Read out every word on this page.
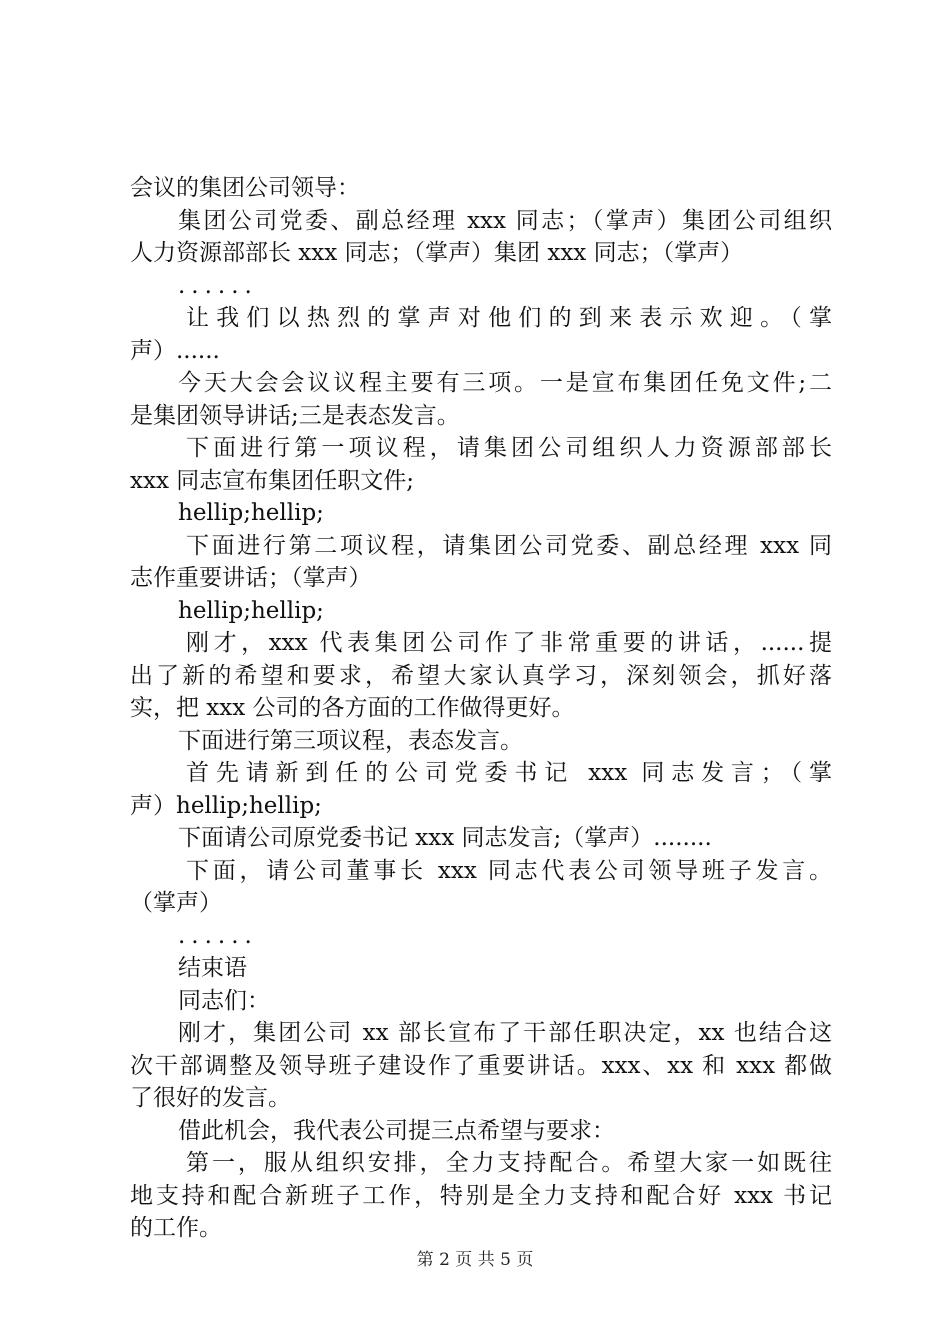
会议的集团公司领导：
集团公司党委、副总经理 xxx 同志；（掌声）集团公司组织
人力资源部部长 xxx 同志；（掌声）集团 xxx 同志；（掌声）
......
让我们以热烈的掌声对他们的到来表示欢迎。（掌
声）......
今天大会会议议程主要有三项。一是宣布集团任免文件;二
是集团领导讲话;三是表态发言。
下面进行第一项议程，请集团公司组织人力资源部部长
xxx 同志宣布集团任职文件;
hellip;hellip;
下面进行第二项议程，请集团公司党委、副总经理 xxx 同
志作重要讲话；（掌声）
hellip;hellip;
刚才，xxx 代表集团公司作了非常重要的讲话，......提
出了新的希望和要求，希望大家认真学习，深刻领会，抓好落
实，把 xxx 公司的各方面的工作做得更好。
下面进行第三项议程，表态发言。
首先请新到任的公司党委书记 xxx 同志发言；（掌
声）hellip;hellip;
下面请公司原党委书记 xxx 同志发言;（掌声）........
下面，请公司董事长 xxx 同志代表公司领导班子发言。
（掌声）
......
结束语
同志们：
刚才，集团公司 xx 部长宣布了干部任职决定，xx 也结合这
次干部调整及领导班子建设作了重要讲话。xxx、xx 和 xxx 都做
了很好的发言。
借此机会，我代表公司提三点希望与要求：
第一，服从组织安排，全力支持配合。希望大家一如既往
地支持和配合新班子工作，特别是全力支持和配合好 xxx 书记
的工作。
第 2 页 共 5 页
